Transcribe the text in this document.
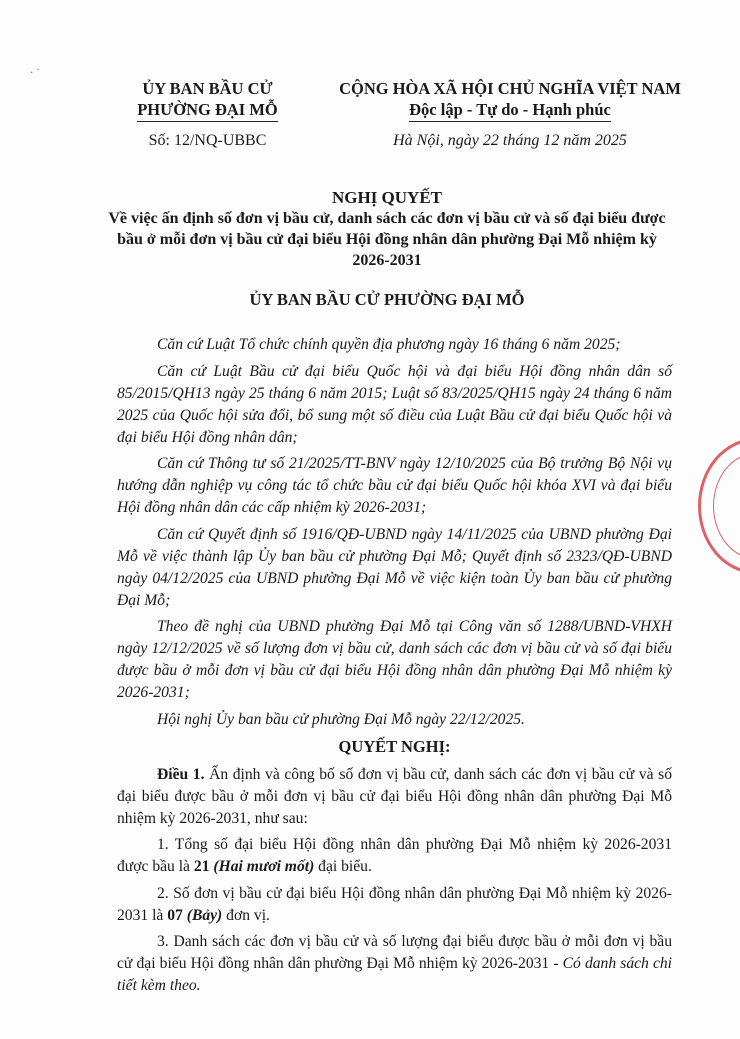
. ·
ỦY BAN BẦU CỬ
PHƯỜNG ĐẠI MỖ
CỘNG HÒA XÃ HỘI CHỦ NGHĨA VIỆT NAM
Độc lập - Tự do - Hạnh phúc
Số: 12/NQ-UBBC	Hà Nội, ngày 22 tháng 12 năm 2025
NGHỊ QUYẾT
Về việc ấn định số đơn vị bầu cử, danh sách các đơn vị bầu cử và số đại biểu được bầu ở mỗi đơn vị bầu cử đại biểu Hội đồng nhân dân phường Đại Mỗ nhiệm kỳ 2026-2031
ỦY BAN BẦU CỬ PHƯỜNG ĐẠI MỖ

Căn cứ Luật Tổ chức chính quyền địa phương ngày 16 tháng 6 năm 2025;

Căn cứ Luật Bầu cử đại biểu Quốc hội và đại biểu Hội đồng nhân dân số 85/2015/QH13 ngày 25 tháng 6 năm 2015; Luật số 83/2025/QH15 ngày 24 tháng 6 năm 2025 của Quốc hội sửa đổi, bổ sung một số điều của Luật Bầu cử đại biểu Quốc hội và đại biểu Hội đồng nhân dân;

Căn cứ Thông tư số 21/2025/TT-BNV ngày 12/10/2025 của Bộ trưởng Bộ Nội vụ hướng dẫn nghiệp vụ công tác tổ chức bầu cử đại biểu Quốc hội khóa XVI và đại biểu Hội đồng nhân dân các cấp nhiệm kỳ 2026-2031;

Căn cứ Quyết định số 1916/QĐ-UBND ngày 14/11/2025 của UBND phường Đại Mỗ về việc thành lập Ủy ban bầu cử phường Đại Mỗ; Quyết định số 2323/QĐ-UBND ngày 04/12/2025 của UBND phường Đại Mỗ về việc kiện toàn Ủy ban bầu cử phường Đại Mỗ;

Theo đề nghị của UBND phường Đại Mỗ tại Công văn số 1288/UBND-VHXH ngày 12/12/2025 về số lượng đơn vị bầu cử, danh sách các đơn vị bầu cử và số đại biểu được bầu ở mỗi đơn vị bầu cử đại biểu Hội đồng nhân dân phường Đại Mỗ nhiệm kỳ 2026-2031;

Hội nghị Ủy ban bầu cử phường Đại Mỗ ngày 22/12/2025.

QUYẾT NGHỊ:

Điều 1. Ấn định và công bố số đơn vị bầu cử, danh sách các đơn vị bầu cử và số đại biểu được bầu ở mỗi đơn vị bầu cử đại biểu Hội đồng nhân dân phường Đại Mỗ nhiệm kỳ 2026-2031, như sau:

1. Tổng số đại biểu Hội đồng nhân dân phường Đại Mỗ nhiệm kỳ 2026-2031 được bầu là 21 (Hai mươi mốt) đại biểu.

2. Số đơn vị bầu cử đại biểu Hội đồng nhân dân phường Đại Mỗ nhiệm kỳ 2026-2031 là 07 (Bảy) đơn vị.

3. Danh sách các đơn vị bầu cử và số lượng đại biểu được bầu ở mỗi đơn vị bầu cử đại biểu Hội đồng nhân dân phường Đại Mỗ nhiệm kỳ 2026-2031 - Có danh sách chi tiết kèm theo.
